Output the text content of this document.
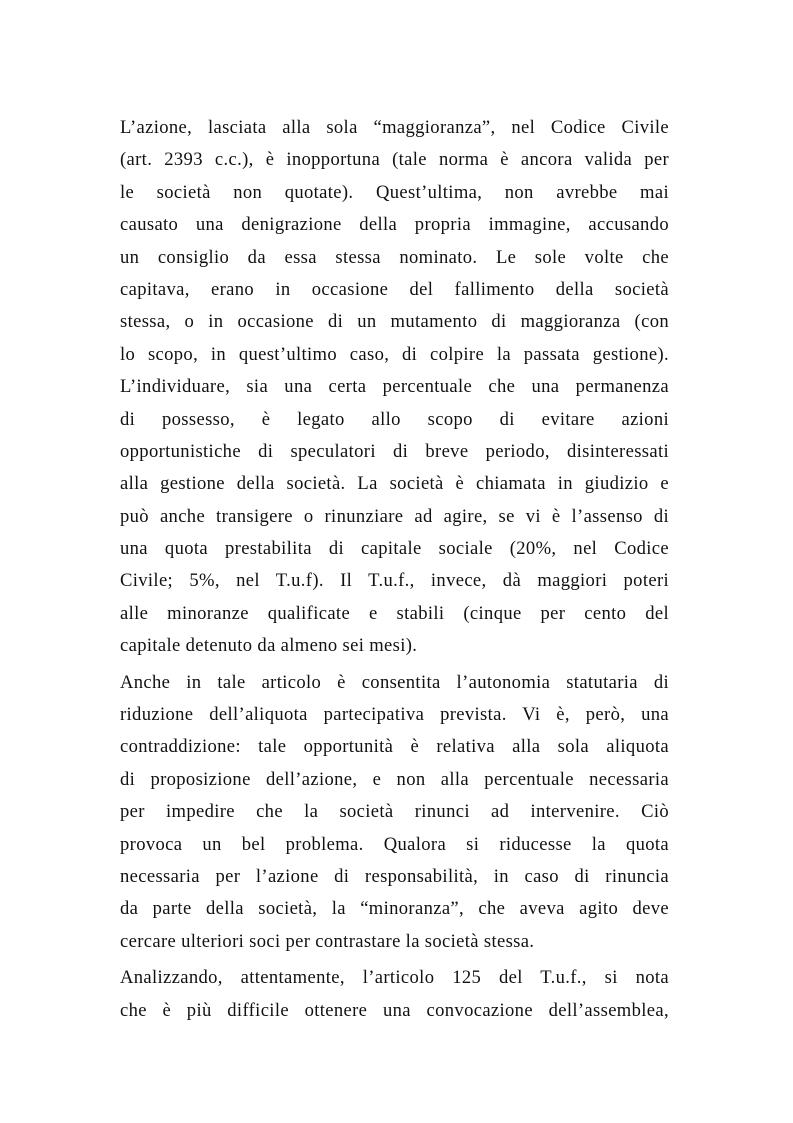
L’azione, lasciata alla sola “maggioranza”, nel Codice Civile
(art. 2393 c.c.), è inopportuna (tale norma è ancora valida per
le società non quotate). Quest’ultima, non avrebbe mai
causato una denigrazione della propria immagine, accusando
un consiglio da essa stessa nominato. Le sole volte che
capitava, erano in occasione del fallimento della società
stessa, o in occasione di un mutamento di maggioranza (con
lo scopo, in quest’ultimo caso, di colpire la passata gestione).
L’individuare, sia una certa percentuale che una permanenza
di possesso, è legato allo scopo di evitare azioni
opportunistiche di speculatori di breve periodo, disinteressati
alla gestione della società. La società è chiamata in giudizio e
può anche transigere o rinunziare ad agire, se vi è l’assenso di
una quota prestabilita di capitale sociale (20%, nel Codice
Civile; 5%, nel T.u.f). Il T.u.f., invece, dà maggiori poteri
alle minoranze qualificate e stabili (cinque per cento del
capitale detenuto da almeno sei mesi).
Anche in tale articolo è consentita l’autonomia statutaria di
riduzione dell’aliquota partecipativa prevista. Vi è, però, una
contraddizione: tale opportunità è relativa alla sola aliquota
di proposizione dell’azione, e non alla percentuale necessaria
per impedire che la società rinunci ad intervenire. Ciò
provoca un bel problema. Qualora si riducesse la quota
necessaria per l’azione di responsabilità, in caso di rinuncia
da parte della società, la “minoranza”, che aveva agito deve
cercare ulteriori soci per contrastare la società stessa.
Analizzando, attentamente, l’articolo 125 del T.u.f., si nota
che è più difficile ottenere una convocazione dell’assemblea,
